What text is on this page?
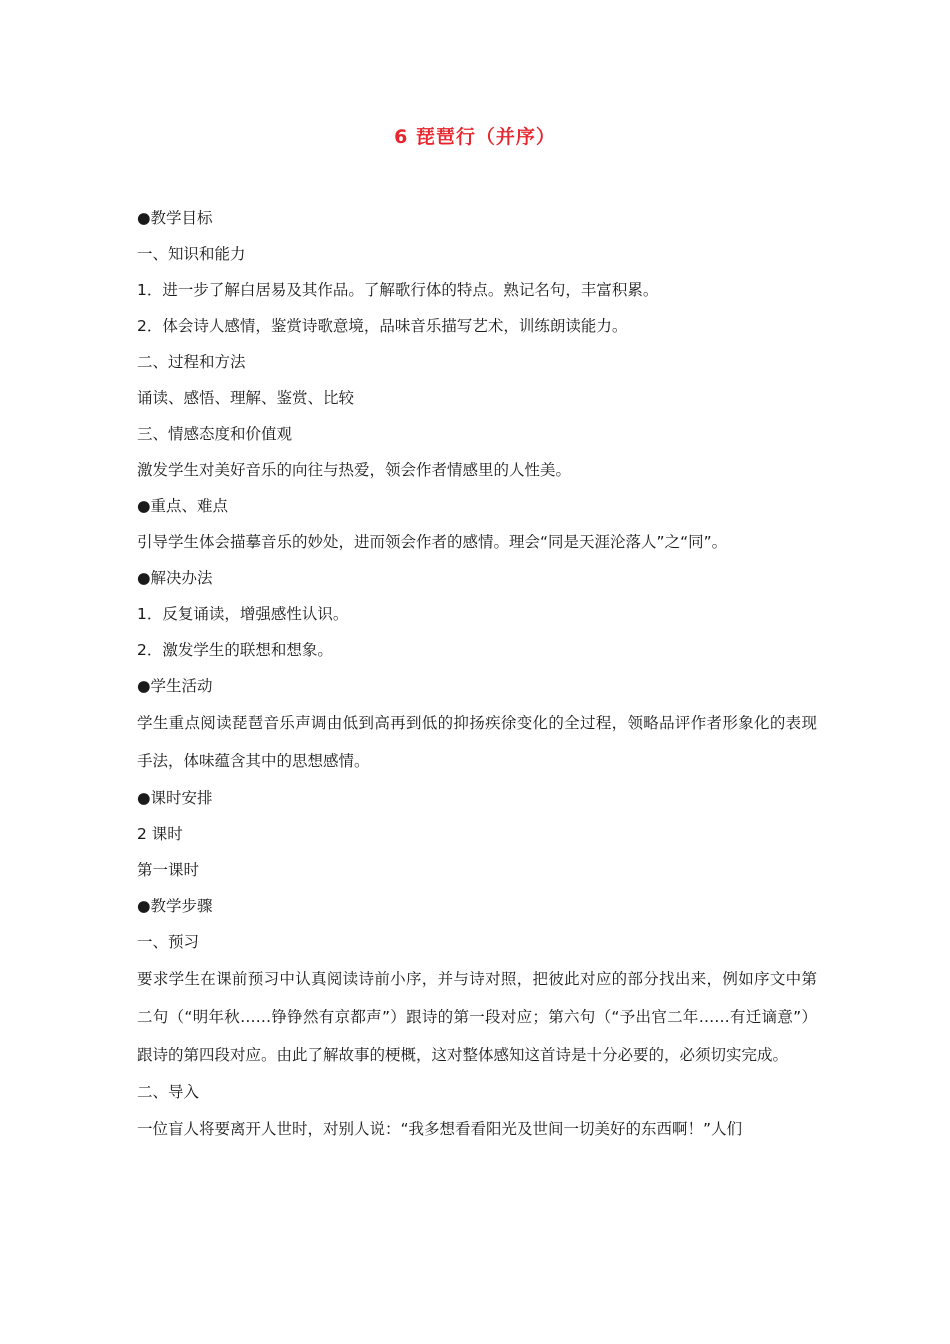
6 琵琶行（并序）
●教学目标
一、知识和能力
1．进一步了解白居易及其作品。了解歌行体的特点。熟记名句，丰富积累。
2．体会诗人感情，鉴赏诗歌意境，品味音乐描写艺术，训练朗读能力。
二、过程和方法
诵读、感悟、理解、鉴赏、比较
三、情感态度和价值观
激发学生对美好音乐的向往与热爱，领会作者情感里的人性美。
●重点、难点
引导学生体会描摹音乐的妙处，进而领会作者的感情。理会“同是天涯沦落人”之“同”。
●解决办法
1．反复诵读，增强感性认识。
2．激发学生的联想和想象。
●学生活动
学生重点阅读琵琶音乐声调由低到高再到低的抑扬疾徐变化的全过程，领略品评作者形象化的表现手法，体味蕴含其中的思想感情。
●课时安排
2 课时
第一课时
●教学步骤
一、预习
要求学生在课前预习中认真阅读诗前小序，并与诗对照，把彼此对应的部分找出来，例如序文中第二句（“明年秋……铮铮然有京都声”）跟诗的第一段对应；第六句（“予出官二年……有迁谪意”）跟诗的第四段对应。由此了解故事的梗概，这对整体感知这首诗是十分必要的，必须切实完成。
二、导入
一位盲人将要离开人世时，对别人说：“我多想看看阳光及世间一切美好的东西啊！”人们
